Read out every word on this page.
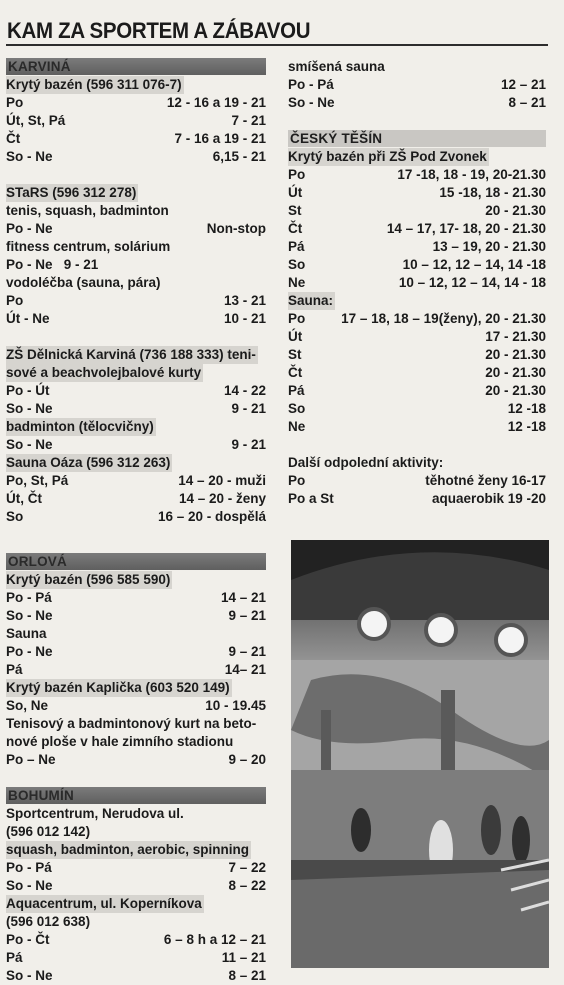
KAM ZA SPORTEM A ZÁBAVOU
KARVINÁ
Krytý bazén (596 311 076-7)
Po	12 - 16 a 19 - 21
Út, St, Pá	7 - 21
Čt	7 - 16 a 19 - 21
So - Ne	6,15 - 21
STaRS (596 312 278)
tenis, squash, badminton
Po - Ne	Non-stop
fitness centrum, solárium
Po - Ne   9 - 21
vodoléčba (sauna, pára)
Po	13 - 21
Út - Ne	10 - 21
ZŠ Dělnická Karviná (736 188 333) teni-
sové a beachvolejbalové kurty
Po - Út	14 - 22
So - Ne	9 - 21
badminton (tělocvičny)
So - Ne	9 - 21
Sauna Oáza (596 312 263)
Po, St, Pá	14 – 20 - muži
Út, Čt	14 – 20 - ženy
So	16 – 20 - dospělá
ORLOVÁ
Krytý bazén (596 585 590)
Po - Pá	14 – 21
So - Ne	9 – 21
Sauna
Po - Ne	9 – 21
Pá	14– 21
Krytý bazén Kaplička (603 520 149)
So, Ne	10 - 19.45
Tenisový a badmintonový kurt na beto-
nové ploše v hale zimního stadionu
Po – Ne	9 – 20
BOHUMÍN
Sportcentrum, Nerudova ul.
(596 012 142)
squash, badminton, aerobic, spinning
Po - Pá	7 – 22
So - Ne	8 – 22
Aquacentrum, ul. Koperníkova
(596 012 638)
Po - Čt	6 – 8 h a 12 – 21
Pá	11 – 21
So - Ne	8 – 21
smíšená sauna
Po - Pá	12 – 21
So - Ne	8 – 21
ČESKÝ TĚŠÍN
Krytý bazén při ZŠ Pod Zvonek
Po	17 -18, 18 - 19, 20-21.30
Út	15 -18, 18 - 21.30
St	20 - 21.30
Čt	14 – 17, 17- 18, 20 - 21.30
Pá	13 – 19, 20 - 21.30
So	10 – 12, 12 – 14, 14 -18
Ne	10 – 12, 12 – 14, 14 - 18
Sauna:
Po	17 – 18, 18 – 19(ženy), 20 - 21.30
Út	17 - 21.30
St	20 - 21.30
Čt	20 - 21.30
Pá	20 - 21.30
So	12 -18
Ne	12 -18
Další odpolední aktivity:
Po	těhotné ženy 16-17
Po a St	aquaerobik 19 -20
